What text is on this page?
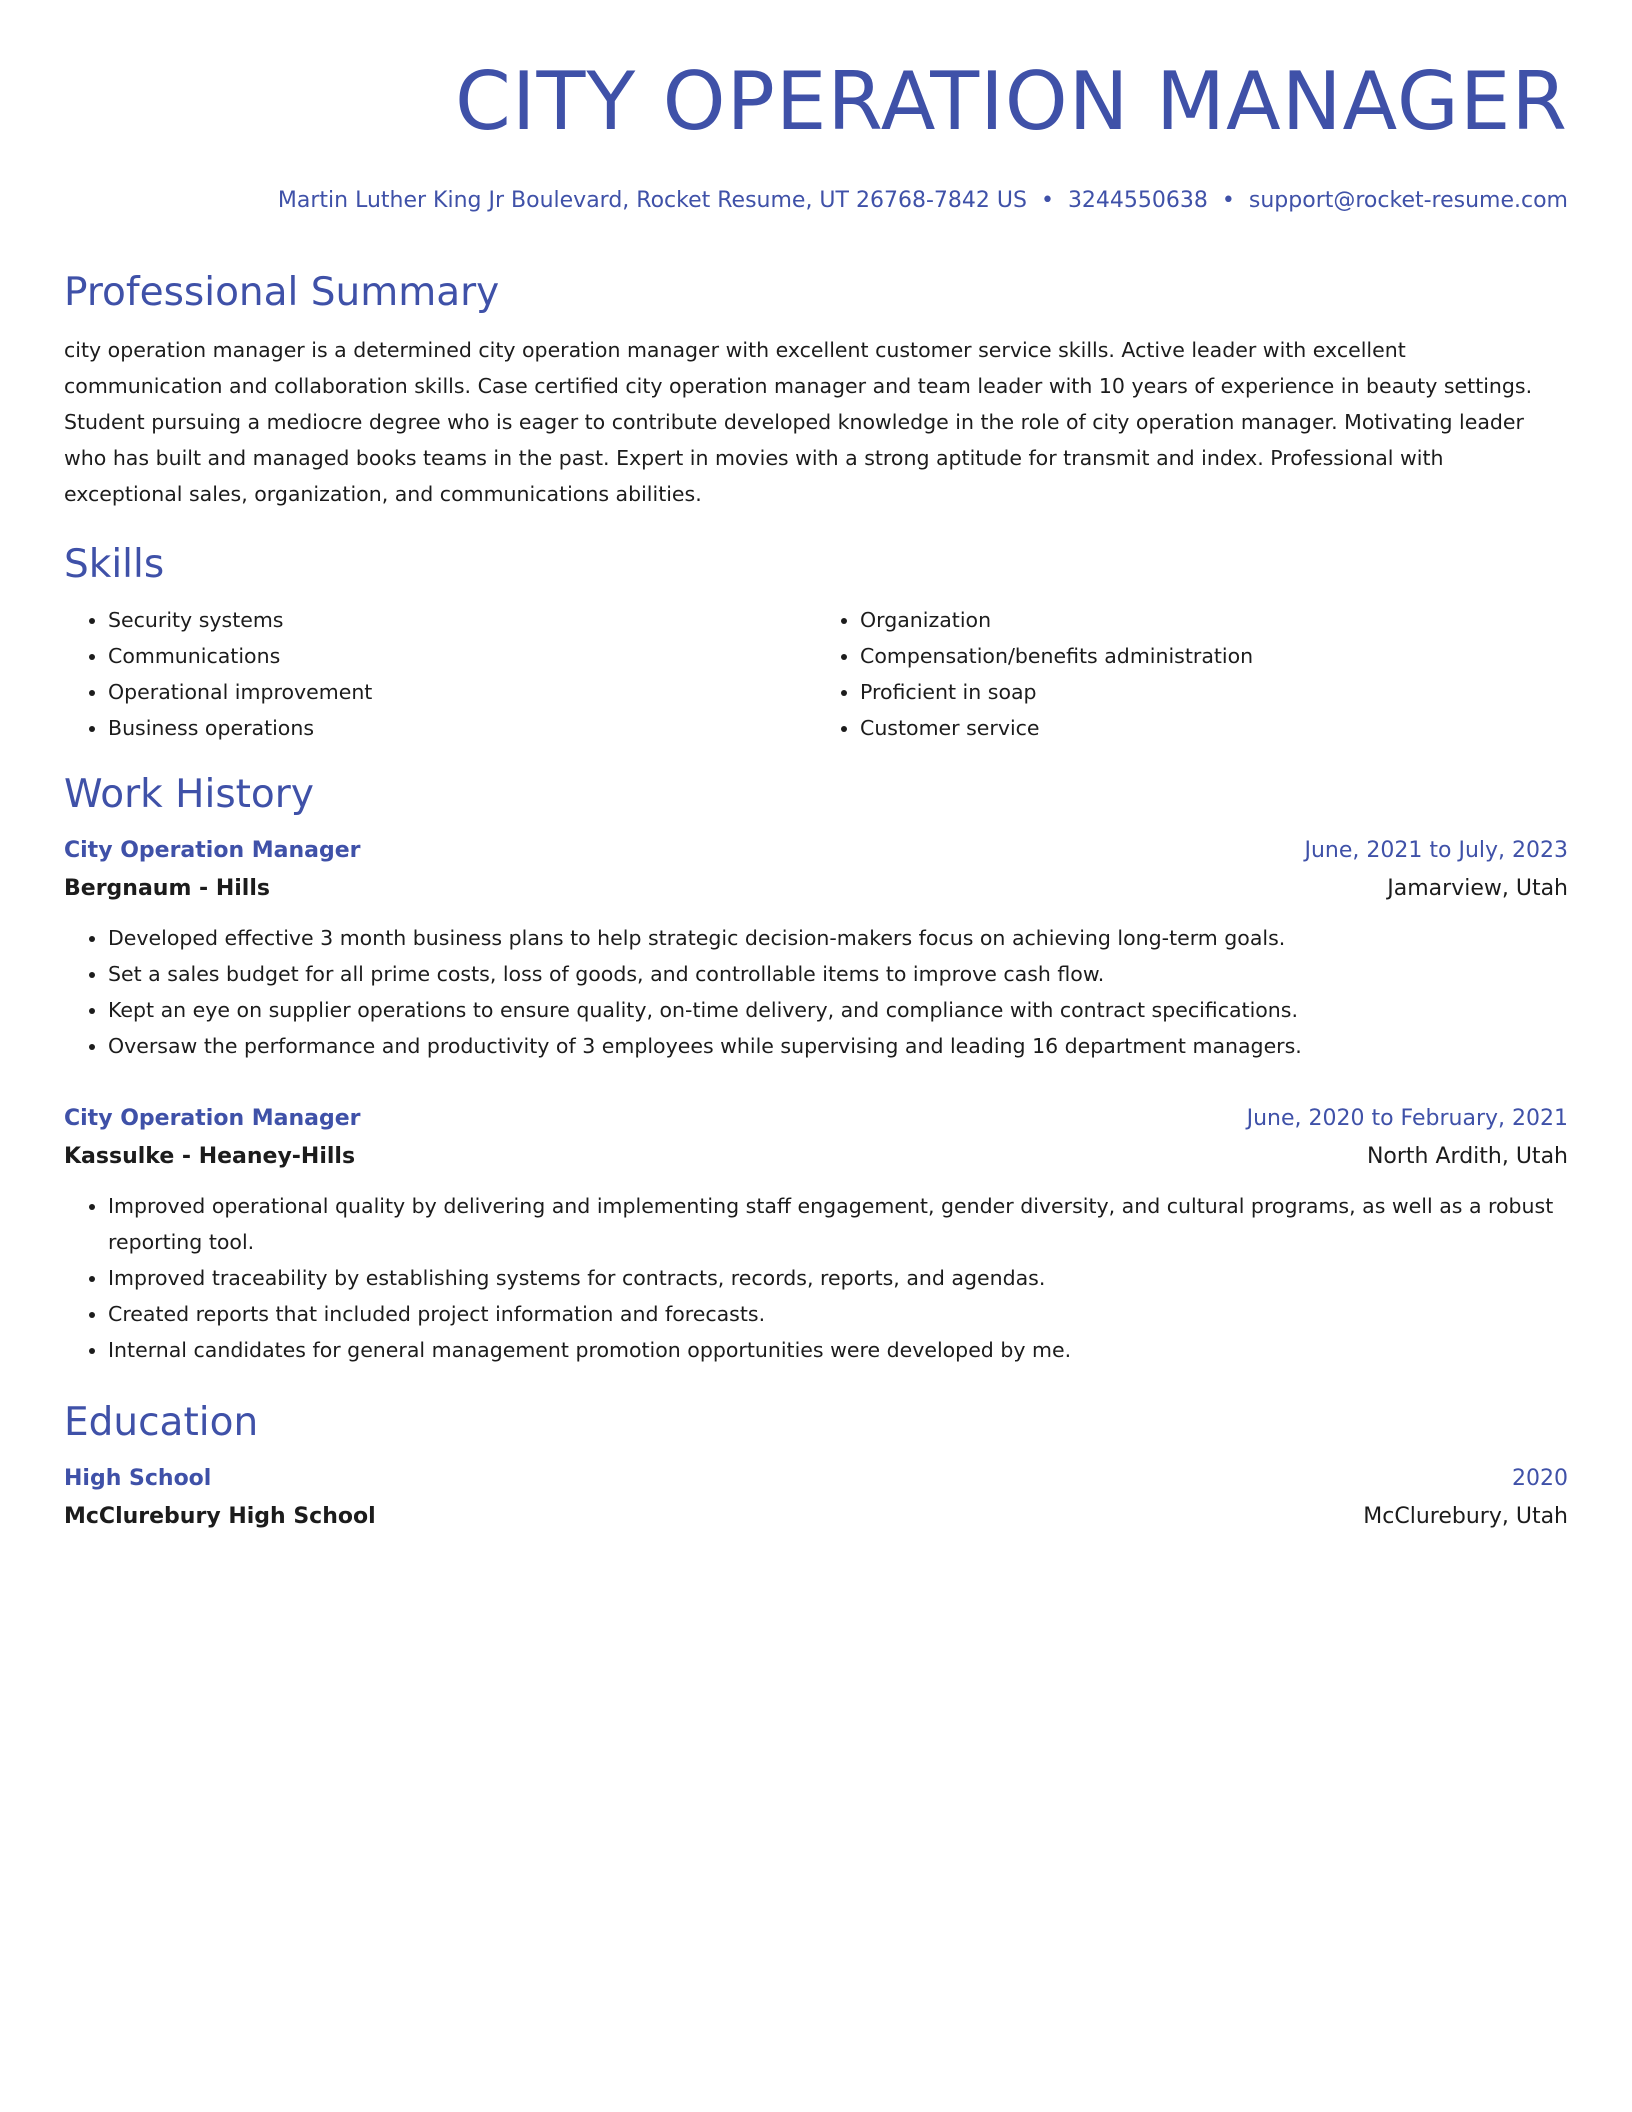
CITY OPERATION MANAGER
Martin Luther King Jr Boulevard, Rocket Resume, UT 26768-7842 US • 3244550638 • support@rocket-resume.com
Professional Summary

city operation manager is a determined city operation manager with excellent customer service skills. Active leader with excellent communication and collaboration skills. Case certified city operation manager and team leader with 10 years of experience in beauty settings. Student pursuing a mediocre degree who is eager to contribute developed knowledge in the role of city operation manager. Motivating leader who has built and managed books teams in the past. Expert in movies with a strong aptitude for transmit and index. Professional with exceptional sales, organization, and communications abilities.

Skills
• Security systems
• Communications
• Operational improvement
• Business operations
• Organization
• Compensation/benefits administration
• Proficient in soap
• Customer service
Work History
City Operation Manager	June, 2021 to July, 2023
Bergnaum - Hills	Jamarview, Utah
• Developed effective 3 month business plans to help strategic decision-makers focus on achieving long-term goals.
• Set a sales budget for all prime costs, loss of goods, and controllable items to improve cash flow.
• Kept an eye on supplier operations to ensure quality, on-time delivery, and compliance with contract specifications.
• Oversaw the performance and productivity of 3 employees while supervising and leading 16 department managers.
City Operation Manager	June, 2020 to February, 2021
Kassulke - Heaney-Hills	North Ardith, Utah
• Improved operational quality by delivering and implementing staff engagement, gender diversity, and cultural programs, as well as a robust reporting tool.
• Improved traceability by establishing systems for contracts, records, reports, and agendas.
• Created reports that included project information and forecasts.
• Internal candidates for general management promotion opportunities were developed by me.
Education
High School	2020
McClurebury High School	McClurebury, Utah
